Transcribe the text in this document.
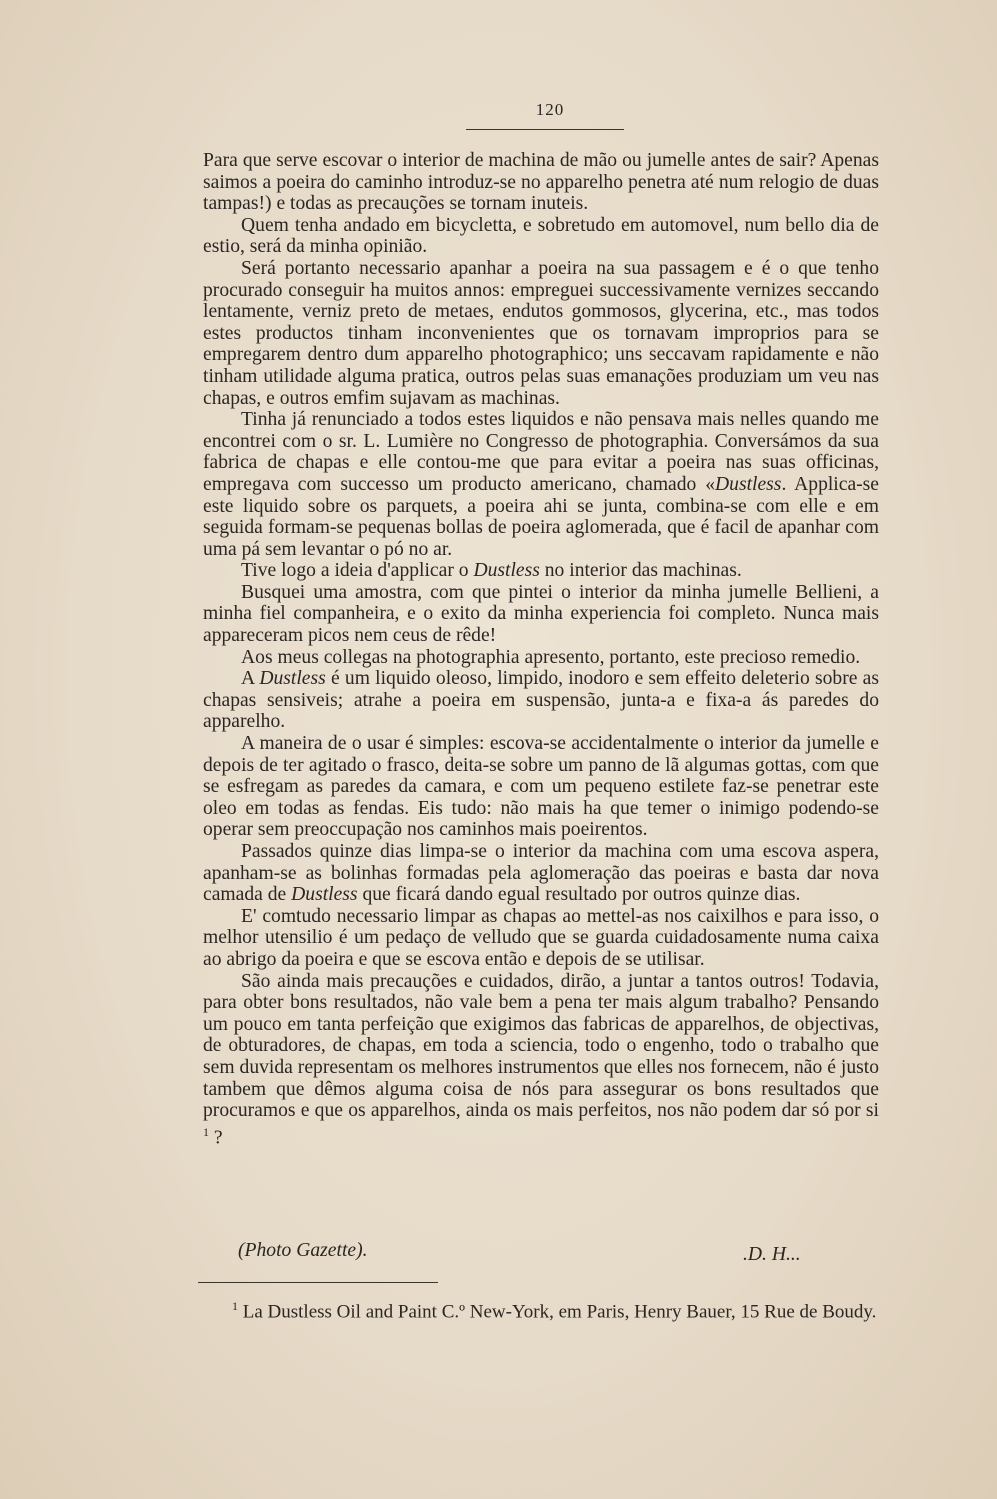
120

Para que serve escovar o interior de machina de mão ou jumelle antes de sair? Apenas saimos a poeira do caminho introduz-se no apparelho penetra até num relogio de duas tampas!) e todas as precauções se tornam inuteis.

Quem tenha andado em bicycletta, e sobretudo em automovel, num bello dia de estio, será da minha opinião.

Será portanto necessario apanhar a poeira na sua passagem e é o que tenho procurado conseguir ha muitos annos: empreguei successivamente vernizes seccando lentamente, verniz preto de metaes, endutos gommosos, glycerina, etc., mas todos estes productos tinham inconvenientes que os tornavam improprios para se empregarem dentro dum apparelho photographico; uns seccavam rapidamente e não tinham utilidade alguma pratica, outros pelas suas emanações produziam um veu nas chapas, e outros emfim sujavam as machinas.

Tinha já renunciado a todos estes liquidos e não pensava mais nelles quando me encontrei com o sr. L. Lumière no Congresso de photographia. Conversámos da sua fabrica de chapas e elle contou-me que para evitar a poeira nas suas officinas, empregava com successo um producto americano, chamado «Dustless. Applica-se este liquido sobre os parquets, a poeira ahi se junta, combina-se com elle e em seguida formam-se pequenas bollas de poeira aglomerada, que é facil de apanhar com uma pá sem levantar o pó no ar.

Tive logo a ideia d'applicar o Dustless no interior das machinas.

Busquei uma amostra, com que pintei o interior da minha jumelle Bellieni, a minha fiel companheira, e o exito da minha experiencia foi completo. Nunca mais appareceram picos nem ceus de rêde!

Aos meus collegas na photographia apresento, portanto, este precioso remedio.

A Dustless é um liquido oleoso, limpido, inodoro e sem effeito deleterio sobre as chapas sensiveis; atrahe a poeira em suspensão, junta-a e fixa-a ás paredes do apparelho.

A maneira de o usar é simples: escova-se accidentalmente o interior da jumelle e depois de ter agitado o frasco, deita-se sobre um panno de lã algumas gottas, com que se esfregam as paredes da camara, e com um pequeno estilete faz-se penetrar este oleo em todas as fendas. Eis tudo: não mais ha que temer o inimigo podendo-se operar sem preoccupação nos caminhos mais poeirentos.

Passados quinze dias limpa-se o interior da machina com uma escova aspera, apanham-se as bolinhas formadas pela aglomeração das poeiras e basta dar nova camada de Dustless que ficará dando egual resultado por outros quinze dias.

E' comtudo necessario limpar as chapas ao mettel-as nos caixilhos e para isso, o melhor utensilio é um pedaço de velludo que se guarda cuidadosamente numa caixa ao abrigo da poeira e que se escova então e depois de se utilisar.

São ainda mais precauções e cuidados, dirão, a juntar a tantos outros! Todavia, para obter bons resultados, não vale bem a pena ter mais algum trabalho? Pensando um pouco em tanta perfeição que exigimos das fabricas de apparelhos, de objectivas, de obturadores, de chapas, em toda a sciencia, todo o engenho, todo o trabalho que sem duvida representam os melhores instrumentos que elles nos fornecem, não é justo tambem que dêmos alguma coisa de nós para assegurar os bons resultados que procuramos e que os apparelhos, ainda os mais perfeitos, nos não podem dar só por si $^1$ ?

(Photo Gazette).	.D. H...
$^1$ La Dustless Oil and Paint C.º New-York, em Paris, Henry Bauer, 15 Rue de Boudy.
